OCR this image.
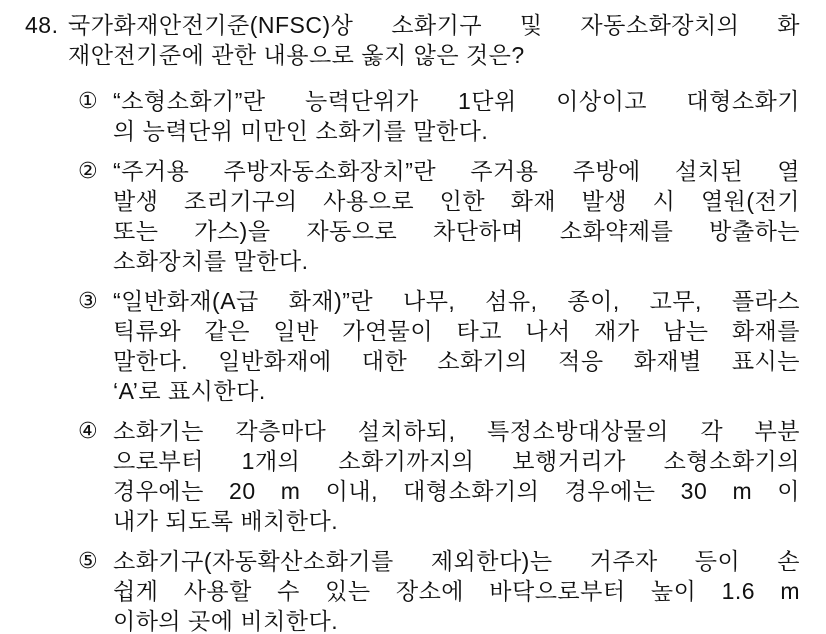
48. 국가화재안전기준(NFSC)상 소화기구 및 자동소화장치의 화
재안전기준에 관한 내용으로 옳지 않은 것은?
① “소형소화기”란 능력단위가 1단위 이상이고 대형소화기
의 능력단위 미만인 소화기를 말한다.
② “주거용 주방자동소화장치”란 주거용 주방에 설치된 열
발생 조리기구의 사용으로 인한 화재 발생 시 열원(전기
또는 가스)을 자동으로 차단하며 소화약제를 방출하는
소화장치를 말한다.
③ “일반화재(A급 화재)”란 나무, 섬유, 종이, 고무, 플라스
틱류와 같은 일반 가연물이 타고 나서 재가 남는 화재를
말한다. 일반화재에 대한 소화기의 적응 화재별 표시는
‘A’로 표시한다.
④ 소화기는 각층마다 설치하되, 특정소방대상물의 각 부분
으로부터 1개의 소화기까지의 보행거리가 소형소화기의
경우에는 20 m 이내, 대형소화기의 경우에는 30 m 이
내가 되도록 배치한다.
⑤ 소화기구(자동확산소화기를 제외한다)는 거주자 등이 손
쉽게 사용할 수 있는 장소에 바닥으로부터 높이 1.6 m
이하의 곳에 비치한다.
